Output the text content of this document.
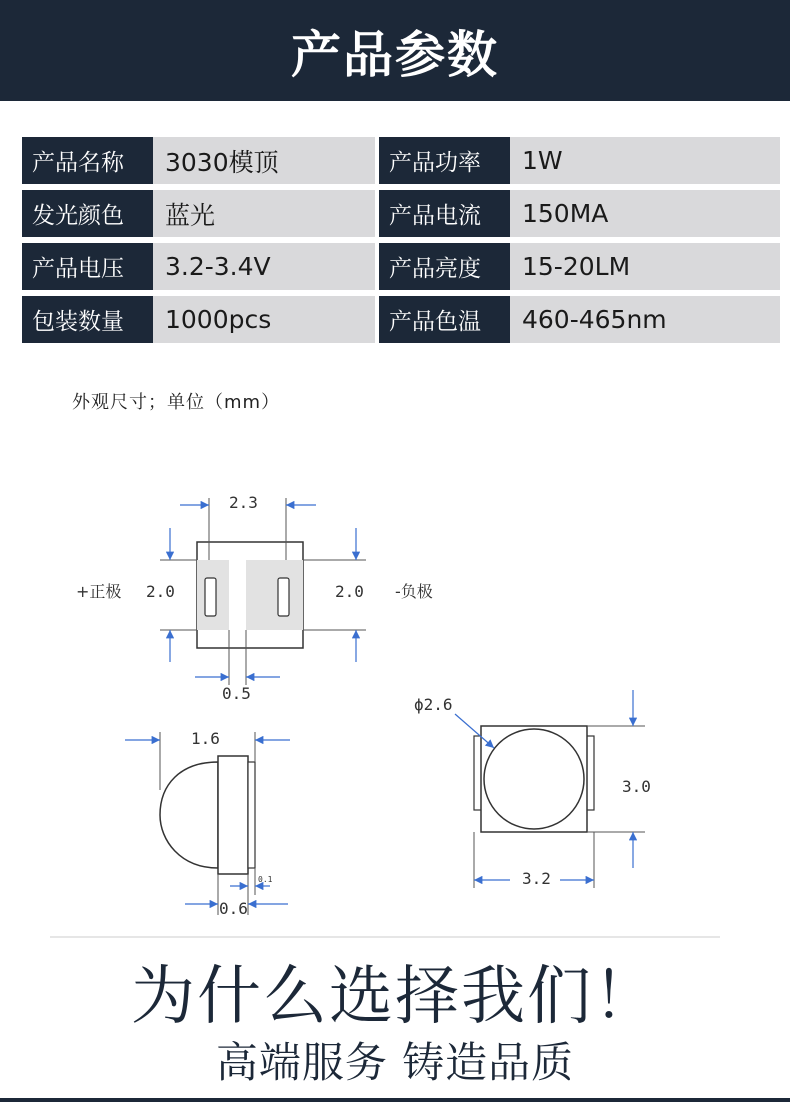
产品参数
产品名称	3030模顶	产品功率	1W
发光颜色	蓝光	产品电流	150MA
产品电压	3.2-3.4V	产品亮度	15-20LM
包装数量	1000pcs	产品色温	460-465nm
外观尺寸；单位（mm）
2.3
2.0
+正极	2.0 -负极
0.5
1.6
0.1
0.6
ϕ2.6
3.0
3.2
为什么选择我们！
高端服务 铸造品质
